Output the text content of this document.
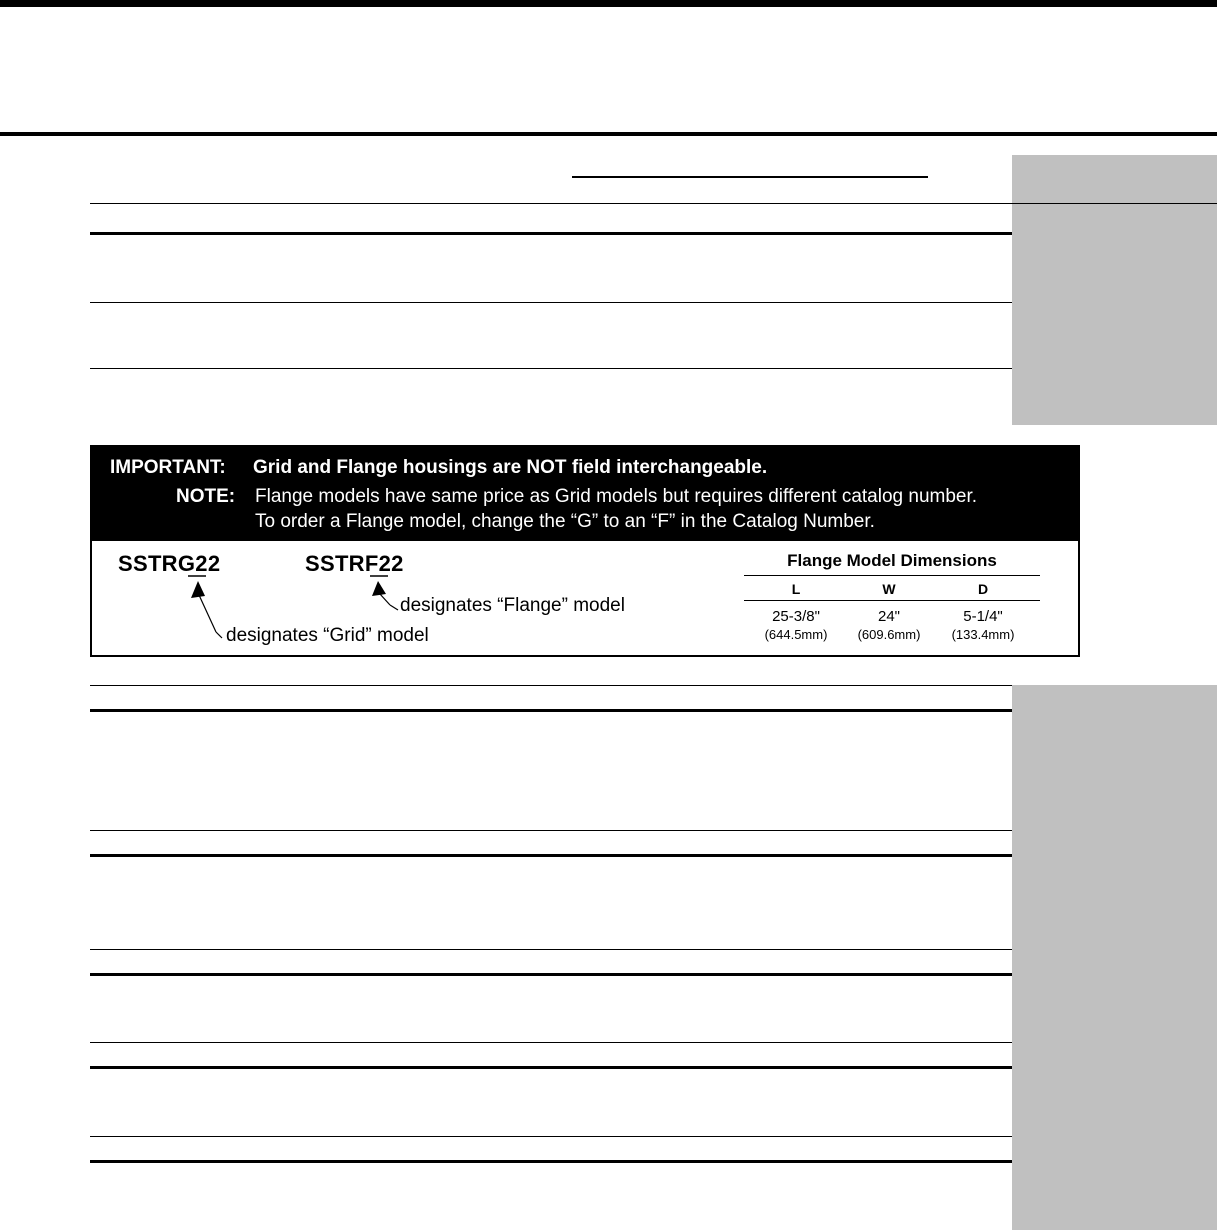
IMPORTANT: Grid and Flange housings are NOT field interchangeable.
NOTE: Flange models have same price as Grid models but requires different catalog number.
To order a Flange model, change the “G” to an “F” in the Catalog Number.
SSTRG22	SSTRF22
designates “Flange” model
designates “Grid” model
Flange Model Dimensions
L	W	D
25-3/8"	24"	5-1/4"
(644.5mm)	(609.6mm)	(133.4mm)
